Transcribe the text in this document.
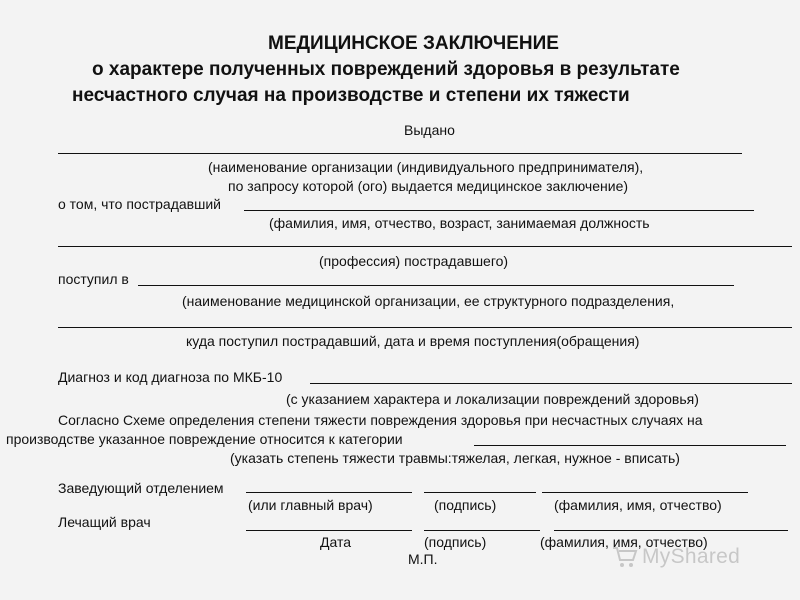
МЕДИЦИНСКОЕ ЗАКЛЮЧЕНИЕ
о характере полученных повреждений здоровья в результате
несчастного случая на производстве и степени их тяжести
Выдано
(наименование организации (индивидуального предпринимателя),
по запросу которой (ого) выдается медицинское заключение)
о том, что пострадавший
(фамилия, имя, отчество, возраст, занимаемая должность
(профессия) пострадавшего)
поступил в
(наименование медицинской организации, ее структурного подразделения,
куда поступил пострадавший, дата и время поступления(обращения)
Диагноз и код диагноза по МКБ-10
(с указанием характера и локализации повреждений здоровья)
Согласно Схеме определения степени тяжести повреждения здоровья при несчастных случаях на
производстве указанное повреждение относится к категории
(указать степень тяжести травмы:тяжелая, легкая, нужное - вписать)
Заведующий отделением
(или главный врач)	(подпись)	(фамилия, имя, отчество)
Лечащий врач
Дата	(подпись)	(фамилия, имя, отчество)
М.П.	MyShared
